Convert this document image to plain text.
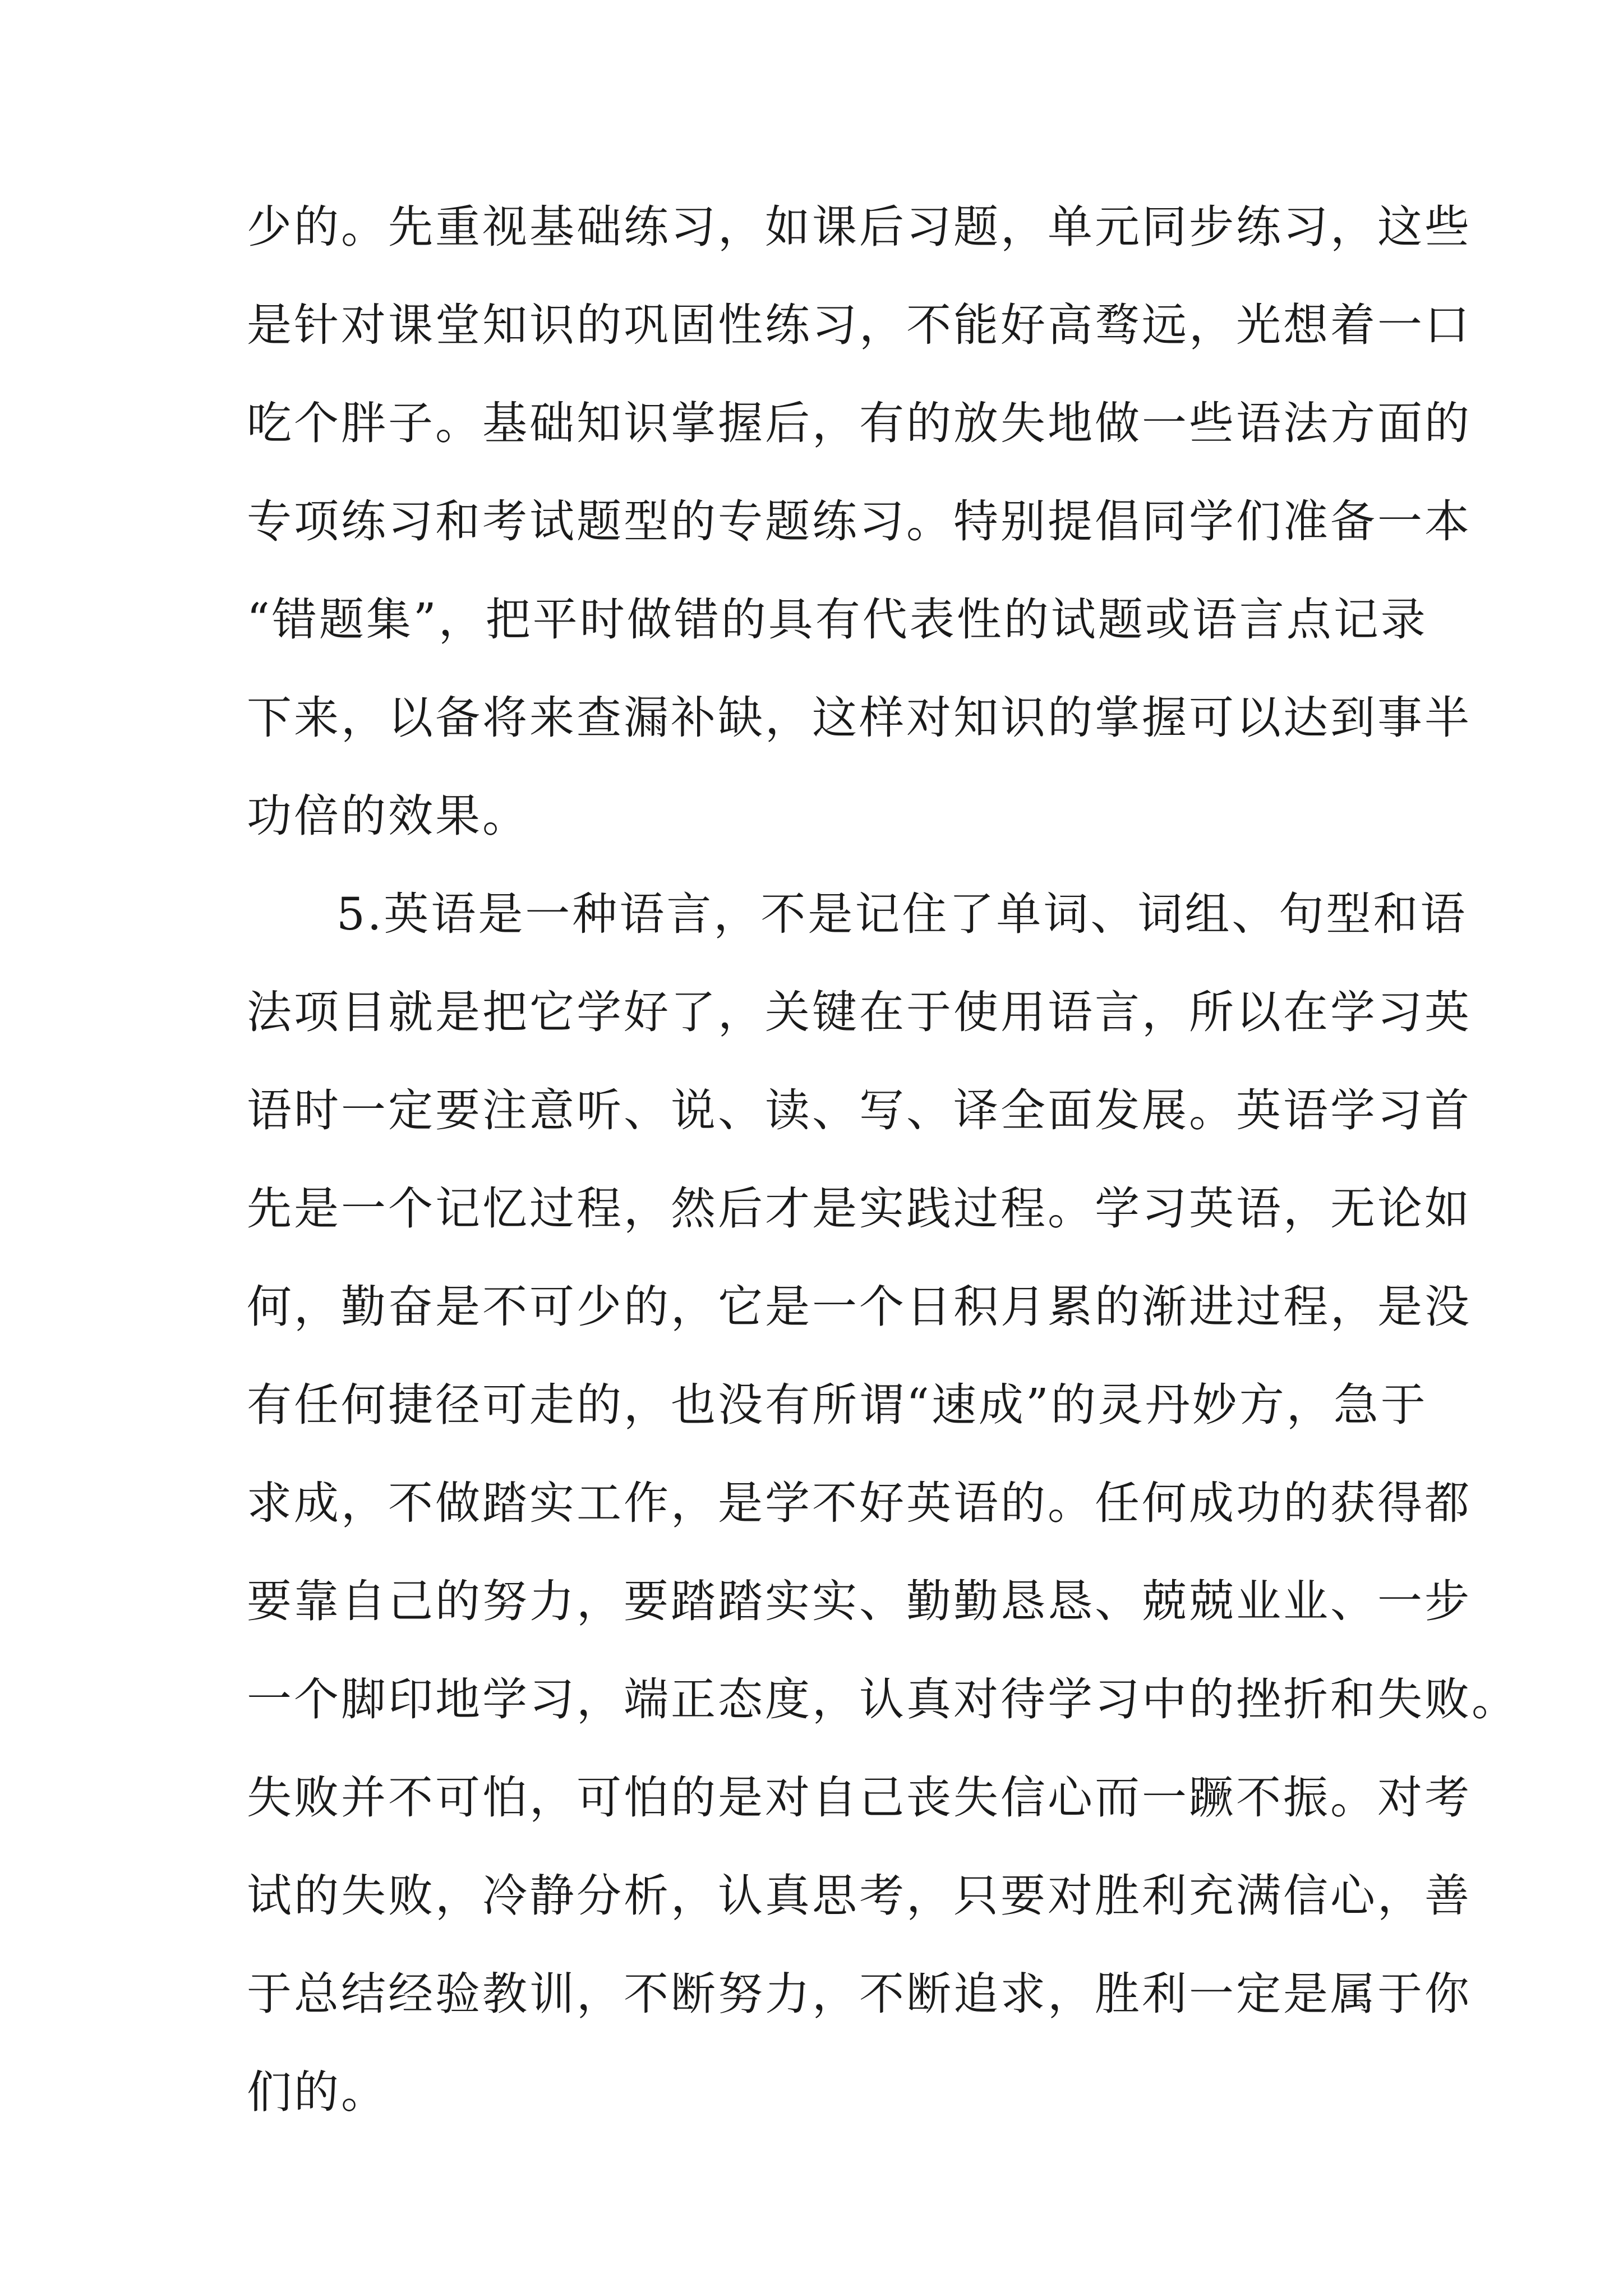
少的。先重视基础练习，如课后习题，单元同步练习，这些
是针对课堂知识的巩固性练习，不能好高骛远，光想着一口
吃个胖子。基础知识掌握后，有的放失地做一些语法方面的
专项练习和考试题型的专题练习。特别提倡同学们准备一本
“错题集”，把平时做错的具有代表性的试题或语言点记录
下来，以备将来查漏补缺，这样对知识的掌握可以达到事半
功倍的效果。
5.英语是一种语言，不是记住了单词、词组、句型和语
法项目就是把它学好了，关键在于使用语言，所以在学习英
语时一定要注意听、说、读、写、译全面发展。英语学习首
先是一个记忆过程，然后才是实践过程。学习英语，无论如
何，勤奋是不可少的，它是一个日积月累的渐进过程，是没
有任何捷径可走的，也没有所谓“速成”的灵丹妙方，急于
求成，不做踏实工作，是学不好英语的。任何成功的获得都
要靠自己的努力，要踏踏实实、勤勤恳恳、兢兢业业、一步
一个脚印地学习，端正态度，认真对待学习中的挫折和失败。
失败并不可怕，可怕的是对自己丧失信心而一蹶不振。对考
试的失败，冷静分析，认真思考，只要对胜利充满信心，善
于总结经验教训，不断努力，不断追求，胜利一定是属于你
们的。
